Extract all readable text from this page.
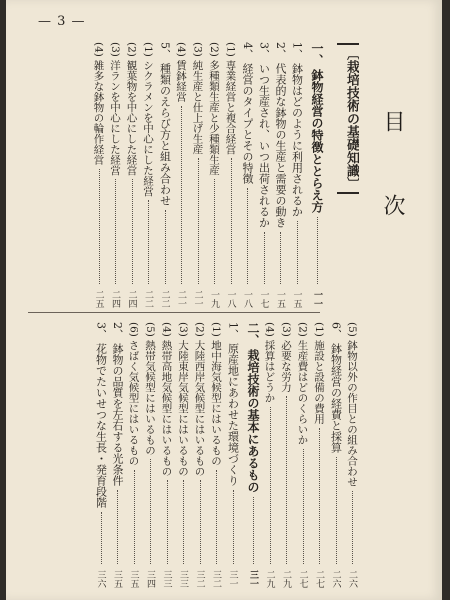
— 3 —
目　次
〔栽培技術の基礎知識〕
一、
鉢物経営の特徴ととらえ方
一一
1、
鉢物はどのように利用されるか
一五
2、
代表的な鉢物の生産と需要の動き
一五
3、
いつ生産され、いつ出荷されるか
一七
4、
経営のタイプとその特徴
一八
(1)
専業経営と複合経営
一八
(2)
多種類生産と少種類生産
一九
(3)
純生産と仕上げ生産
二一
(4)
賃鉢経営
二一
5、
種類のえらび方と組み合わせ
二二
(1)
シクラメンを中心にした経営
二二
(2)
観葉物を中心にした経営
二四
(3)
洋ランを中心にした経営
二四
(4)
雑多な鉢物の輪作経営
二五
(5)
鉢物以外の作目との組み合わせ
二六
6、
鉢物経営の経費と採算
二六
(1)
施設と設備の費用
二七
(2)
生産費はどのくらいか
二七
(3)
必要な労力
二九
(4)
採算はどうか
二九
二、
栽培技術の基本にあるもの
三一
1、
原産地にあわせた環境づくり
三一
(1)
地中海気候型にはいるもの
三二
(2)
大陸西岸気候型にはいるもの
三二
(3)
大陸東岸気候型にはいるもの
三三
(4)
熱帯高地気候型にはいるもの
三三
(5)
熱帯気候型にはいるもの
三四
(6)
さばく気候型にはいるもの
三五
2、
鉢物の品質を左右する光条件
三五
3、
花物でたいせつな生長・発育段階
三六
